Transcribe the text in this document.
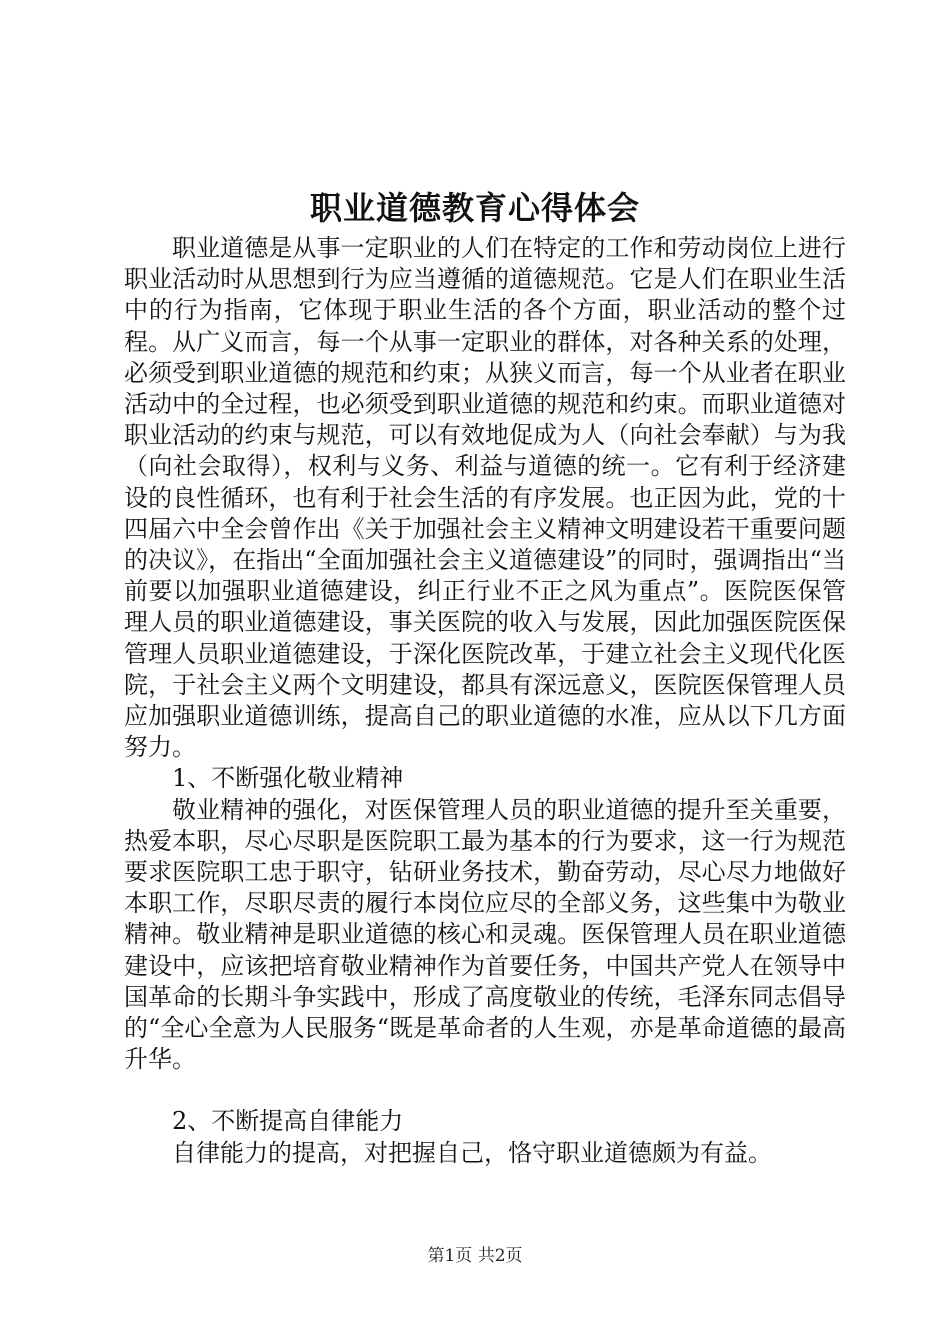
职业道德教育心得体会

职业道德是从事一定职业的人们在特定的工作和劳动岗位上进行职业活动时从思想到行为应当遵循的道德规范。它是人们在职业生活中的行为指南，它体现于职业生活的各个方面，职业活动的整个过程。从广义而言，每一个从事一定职业的群体，对各种关系的处理，必须受到职业道德的规范和约束；从狭义而言，每一个从业者在职业活动中的全过程，也必须受到职业道德的规范和约束。而职业道德对职业活动的约束与规范，可以有效地促成为人（向社会奉献）与为我（向社会取得），权利与义务、利益与道德的统一。它有利于经济建设的良性循环，也有利于社会生活的有序发展。也正因为此，党的十四届六中全会曾作出《关于加强社会主义精神文明建设若干重要问题的决议》，在指出“全面加强社会主义道德建设”的同时，强调指出“当前要以加强职业道德建设，纠正行业不正之风为重点”。医院医保管理人员的职业道德建设，事关医院的收入与发展，因此加强医院医保管理人员职业道德建设，于深化医院改革，于建立社会主义现代化医院，于社会主义两个文明建设，都具有深远意义，医院医保管理人员应加强职业道德训练，提高自己的职业道德的水准，应从以下几方面努力。

1、不断强化敬业精神

敬业精神的强化，对医保管理人员的职业道德的提升至关重要，热爱本职，尽心尽职是医院职工最为基本的行为要求，这一行为规范要求医院职工忠于职守，钻研业务技术，勤奋劳动，尽心尽力地做好本职工作，尽职尽责的履行本岗位应尽的全部义务，这些集中为敬业精神。敬业精神是职业道德的核心和灵魂。医保管理人员在职业道德建设中，应该把培育敬业精神作为首要任务，中国共产党人在领导中国革命的长期斗争实践中，形成了高度敬业的传统，毛泽东同志倡导的“全心全意为人民服务“既是革命者的人生观，亦是革命道德的最高升华。

2、不断提高自律能力

自律能力的提高，对把握自己，恪守职业道德颇为有益。

第1页 共2页
